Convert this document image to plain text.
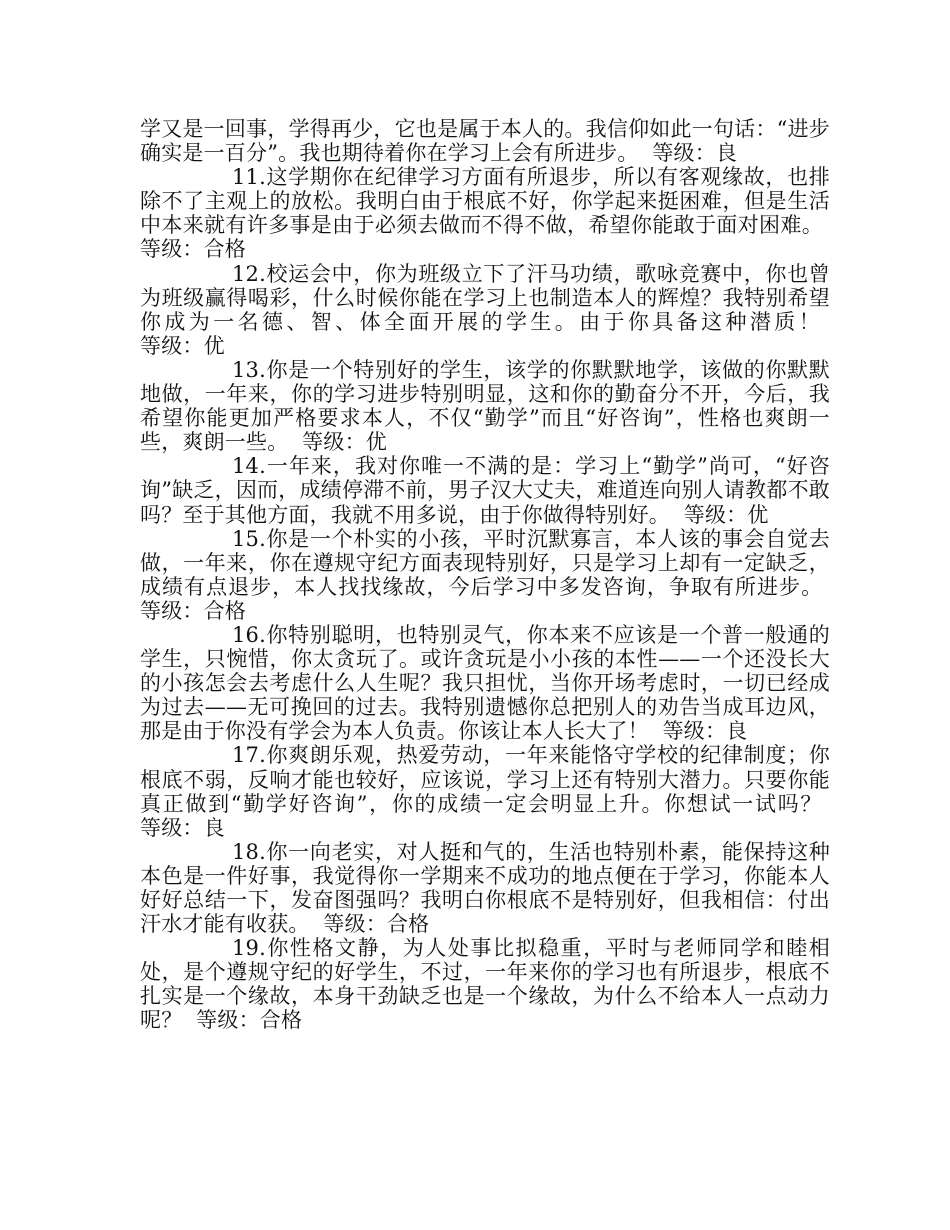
学又是一回事，学得再少，它也是属于本人的。我信仰如此一句话：“进步确实是一百分”。我也期待着你在学习上会有所进步。 等级：良

11.这学期你在纪律学习方面有所退步，所以有客观缘故，也排除不了主观上的放松。我明白由于根底不好，你学起来挺困难，但是生活中本来就有许多事是由于必须去做而不得不做，希望你能敢于面对困难。  等级：合格

12.校运会中，你为班级立下了汗马功绩，歌咏竞赛中，你也曾为班级赢得喝彩，什么时候你能在学习上也制造本人的辉煌？我特别希望你成为一名德、智、体全面开展的学生。由于你具备这种潜质！  等级：优

13.你是一个特别好的学生，该学的你默默地学，该做的你默默地做，一年来，你的学习进步特别明显，这和你的勤奋分不开，今后，我希望你能更加严格要求本人，不仅“勤学”而且“好咨询”，性格也爽朗一些，爽朗一些。 等级：优

14.一年来，我对你唯一不满的是：学习上“勤学”尚可，“好咨询”缺乏，因而，成绩停滞不前，男子汉大丈夫，难道连向别人请教都不敢吗？至于其他方面，我就不用多说，由于你做得特别好。 等级：优

15.你是一个朴实的小孩，平时沉默寡言，本人该的事会自觉去做，一年来，你在遵规守纪方面表现特别好，只是学习上却有一定缺乏，成绩有点退步，本人找找缘故，今后学习中多发咨询，争取有所进步。  等级：合格

16.你特别聪明，也特别灵气，你本来不应该是一个普一般通的学生，只惋惜，你太贪玩了。或许贪玩是小小孩的本性——一个还没长大的小孩怎会去考虑什么人生呢？我只担忧，当你开场考虑时，一切已经成为过去——无可挽回的过去。我特别遗憾你总把别人的劝告当成耳边风，那是由于你没有学会为本人负责。你该让本人长大了！ 等级：良

17.你爽朗乐观，热爱劳动，一年来能恪守学校的纪律制度；你根底不弱，反响才能也较好，应该说，学习上还有特别大潜力。只要你能真正做到“勤学好咨询”，你的成绩一定会明显上升。你想试一试吗？  等级：良

18.你一向老实，对人挺和气的，生活也特别朴素，能保持这种本色是一件好事，我觉得你一学期来不成功的地点便在于学习，你能本人好好总结一下，发奋图强吗？我明白你根底不是特别好，但我相信：付出汗水才能有收获。 等级：合格

19.你性格文静，为人处事比拟稳重，平时与老师同学和睦相处，是个遵规守纪的好学生，不过，一年来你的学习也有所退步，根底不扎实是一个缘故，本身干劲缺乏也是一个缘故，为什么不给本人一点动力呢？ 等级：合格
